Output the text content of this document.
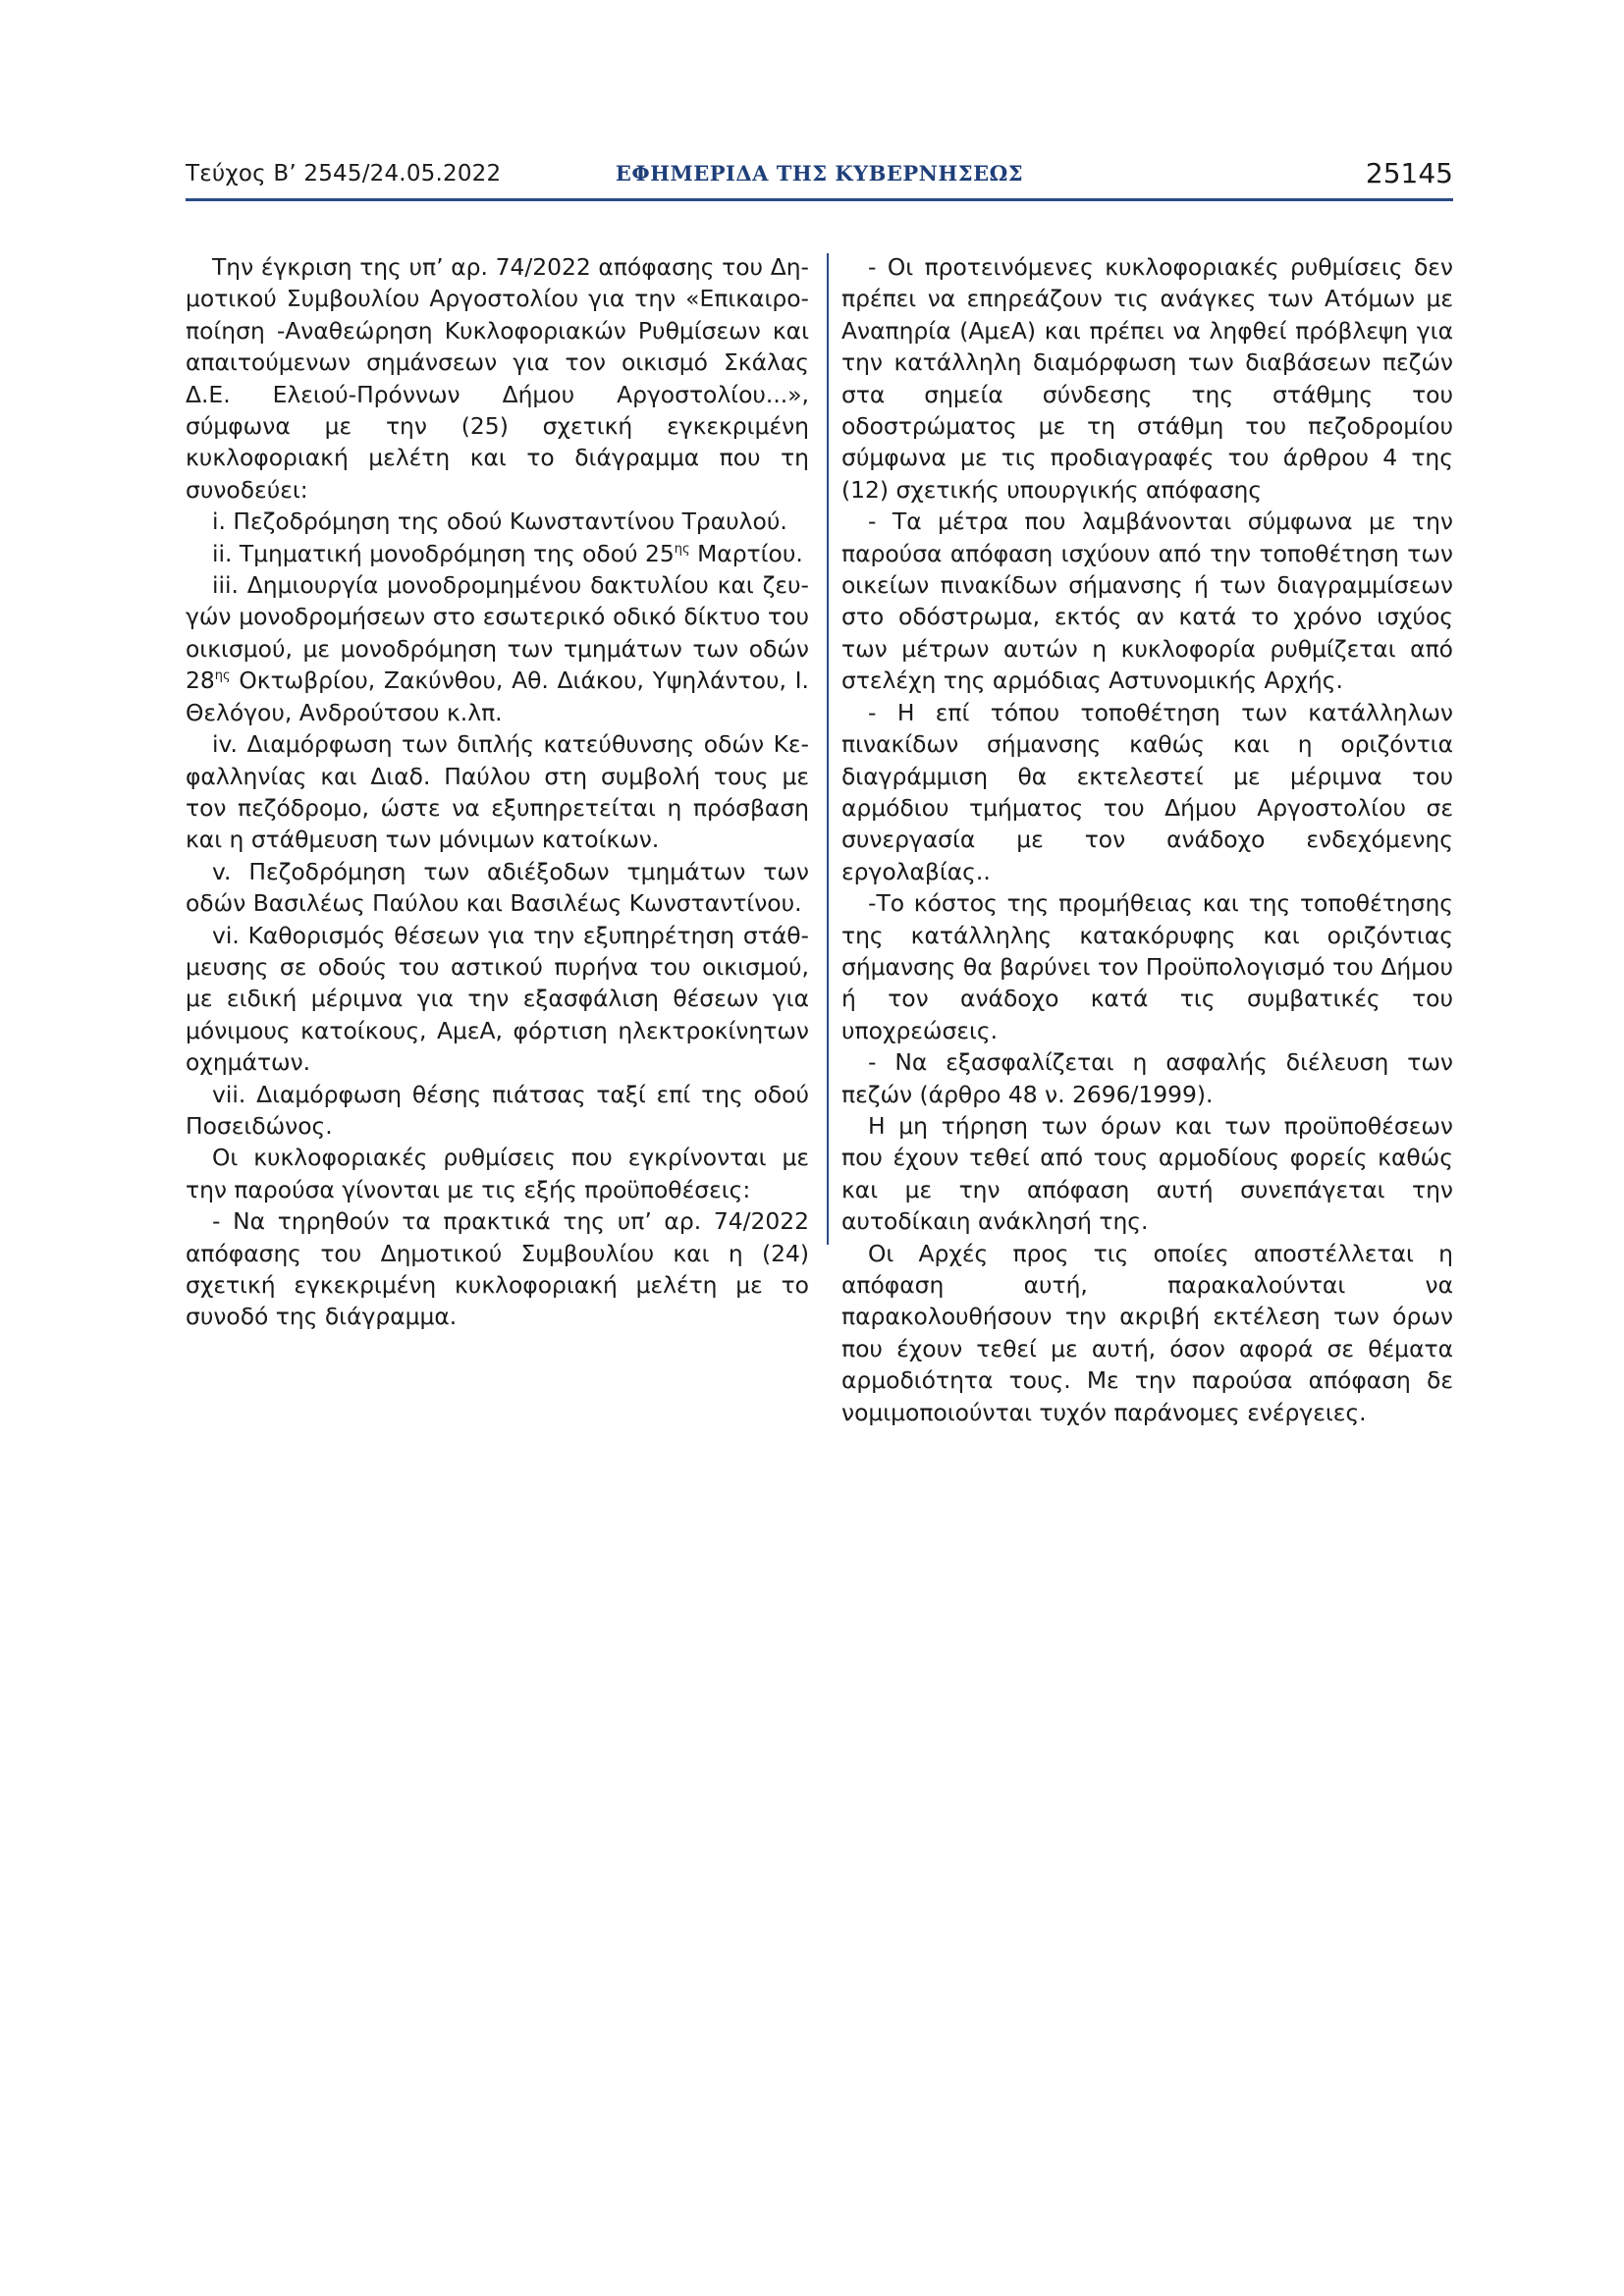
Τεύχος Β’ 2545/24.05.2022	ΕΦΗΜΕΡΙΔΑ ΤΗΣ ΚΥΒΕΡΝΗΣΕΩΣ	25145

Την έγκριση της υπ’ αρ. 74/2022 απόφασης του Δημοτικού Συμβουλίου Αργοστολίου για την «Επικαιροποίηση -Αναθεώρηση Κυκλοφοριακών Ρυθμίσεων και απαιτούμενων σημάνσεων για τον οικισμό Σκάλας Δ.Ε. Ελειού-Πρόννων Δήμου Αργοστολίου...», σύμφωνα με την (25) σχετική εγκεκριμένη κυκλοφοριακή μελέτη και το διάγραμμα που τη συνοδεύει:

i. Πεζοδρόμηση της οδού Κωνσταντίνου Τραυλού.

ii. Τμηματική μονοδρόμηση της οδού $25^{\eta\varsigma}$ Μαρτίου.

iii. Δημιουργία μονοδρομημένου δακτυλίου και ζευγών μονοδρομήσεων στο εσωτερικό οδικό δίκτυο του οικισμού, με μονοδρόμηση των τμημάτων των οδών $28^{\eta\varsigma}$ Οκτωβρίου, Ζακύνθου, Αθ. Διάκου, Υψηλάντου, Ι. Θελόγου, Ανδρούτσου κ.λπ.

iv. Διαμόρφωση των διπλής κατεύθυνσης οδών Κεφαλληνίας και Διαδ. Παύλου στη συμβολή τους με τον πεζόδρομο, ώστε να εξυπηρετείται η πρόσβαση και η στάθμευση των μόνιμων κατοίκων.

v. Πεζοδρόμηση των αδιέξοδων τμημάτων των οδών Βασιλέως Παύλου και Βασιλέως Κωνσταντίνου.

vi. Καθορισμός θέσεων για την εξυπηρέτηση στάθμευσης σε οδούς του αστικού πυρήνα του οικισμού, με ειδική μέριμνα για την εξασφάλιση θέσεων για μόνιμους κατοίκους, ΑμεΑ, φόρτιση ηλεκτροκίνητων οχημάτων.

vii. Διαμόρφωση θέσης πιάτσας ταξί επί της οδού Ποσειδώνος.

Οι κυκλοφοριακές ρυθμίσεις που εγκρίνονται με την παρούσα γίνονται με τις εξής προϋποθέσεις:

- Να τηρηθούν τα πρακτικά της υπ’ αρ. 74/2022 απόφασης του Δημοτικού Συμβουλίου και η (24) σχετική εγκεκριμένη κυκλοφοριακή μελέτη με το συνοδό της διάγραμμα.

- Οι προτεινόμενες κυκλοφοριακές ρυθμίσεις δεν πρέπει να επηρεάζουν τις ανάγκες των Ατόμων με Αναπηρία (ΑμεΑ) και πρέπει να ληφθεί πρόβλεψη για την κατάλληλη διαμόρφωση των διαβάσεων πεζών στα σημεία σύνδεσης της στάθμης του οδοστρώματος με τη στάθμη του πεζοδρομίου σύμφωνα με τις προδιαγραφές του άρθρου 4 της (12) σχετικής υπουργικής απόφασης

- Τα μέτρα που λαμβάνονται σύμφωνα με την παρούσα απόφαση ισχύουν από την τοποθέτηση των οικείων πινακίδων σήμανσης ή των διαγραμμίσεων στο οδόστρωμα, εκτός αν κατά το χρόνο ισχύος των μέτρων αυτών η κυκλοφορία ρυθμίζεται από στελέχη της αρμόδιας Αστυνομικής Αρχής.

- Η επί τόπου τοποθέτηση των κατάλληλων πινακίδων σήμανσης καθώς και η οριζόντια διαγράμμιση θα εκτελεστεί με μέριμνα του αρμόδιου τμήματος του Δήμου Αργοστολίου σε συνεργασία με τον ανάδοχο ενδεχόμενης εργολαβίας..

-Το κόστος της προμήθειας και της τοποθέτησης της κατάλληλης κατακόρυφης και οριζόντιας σήμανσης θα βαρύνει τον Προϋπολογισμό του Δήμου ή τον ανάδοχο κατά τις συμβατικές του υποχρεώσεις.

- Να εξασφαλίζεται η ασφαλής διέλευση των πεζών (άρθρο 48 ν. 2696/1999).

Η μη τήρηση των όρων και των προϋποθέσεων που έχουν τεθεί από τους αρμοδίους φορείς καθώς και με την απόφαση αυτή συνεπάγεται την αυτοδίκαιη ανάκλησή της.

Οι Αρχές προς τις οποίες αποστέλλεται η απόφαση αυτή, παρακαλούνται να παρακολουθήσουν την ακριβή εκτέλεση των όρων που έχουν τεθεί με αυτή, όσον αφορά σε θέματα αρμοδιότητα τους. Με την παρούσα απόφαση δε νομιμοποιούνται τυχόν παράνομες ενέργειες.
